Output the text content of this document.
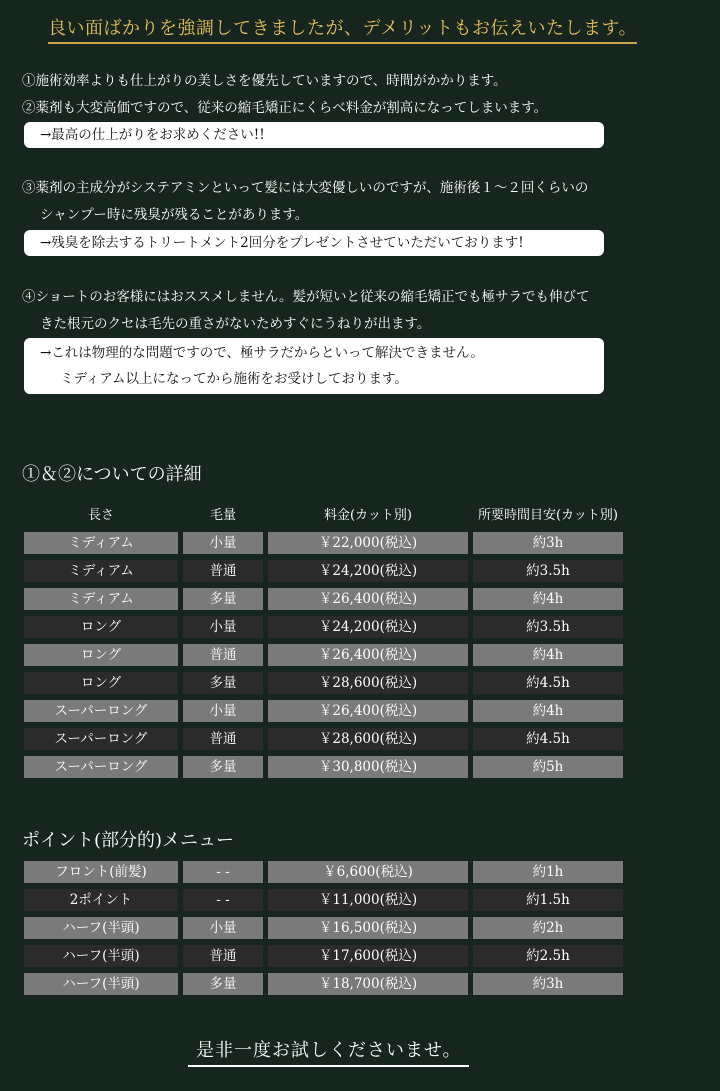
良い面ばかりを強調してきましたが、デメリットもお伝えいたします。
①施術効率よりも仕上がりの美しさを優先していますので、時間がかかります。
②薬剤も大変高価ですので、従来の縮毛矯正にくらべ料金が割高になってしまいます。
→最高の仕上がりをお求めください!!
③薬剤の主成分がシステアミンといって髪には大変優しいのですが、施術後１～２回くらいの
シャンプー時に残臭が残ることがあります。
→残臭を除去するトリートメント2回分をプレゼントさせていただいております!
④ショートのお客様にはおススメしません。髪が短いと従来の縮毛矯正でも極サラでも伸びて
きた根元のクセは毛先の重さがないためすぐにうねりが出ます。
→これは物理的な問題ですので、極サラだからといって解決できません。
ミディアム以上になってから施術をお受けしております。
①＆②についての詳細
長さ	毛量	料金(カット別)	所要時間目安(カット別)
ミディアム	小量	￥22,000(税込)	約3h
ミディアム	普通	￥24,200(税込)	約3.5h
ミディアム	多量	￥26,400(税込)	約4h
ロング	小量	￥24,200(税込)	約3.5h
ロング	普通	￥26,400(税込)	約4h
ロング	多量	￥28,600(税込)	約4.5h
スーパーロング	小量	￥26,400(税込)	約4h
スーパーロング	普通	￥28,600(税込)	約4.5h
スーパーロング	多量	￥30,800(税込)	約5h
ポイント(部分的)メニュー
フロント(前髪)	- -	￥6,600(税込)	約1h
2ポイント	- -	￥11,000(税込)	約1.5h
ハーフ(半頭)	小量	￥16,500(税込)	約2h
ハーフ(半頭)	普通	￥17,600(税込)	約2.5h
ハーフ(半頭)	多量	￥18,700(税込)	約3h
是非一度お試しくださいませ。
